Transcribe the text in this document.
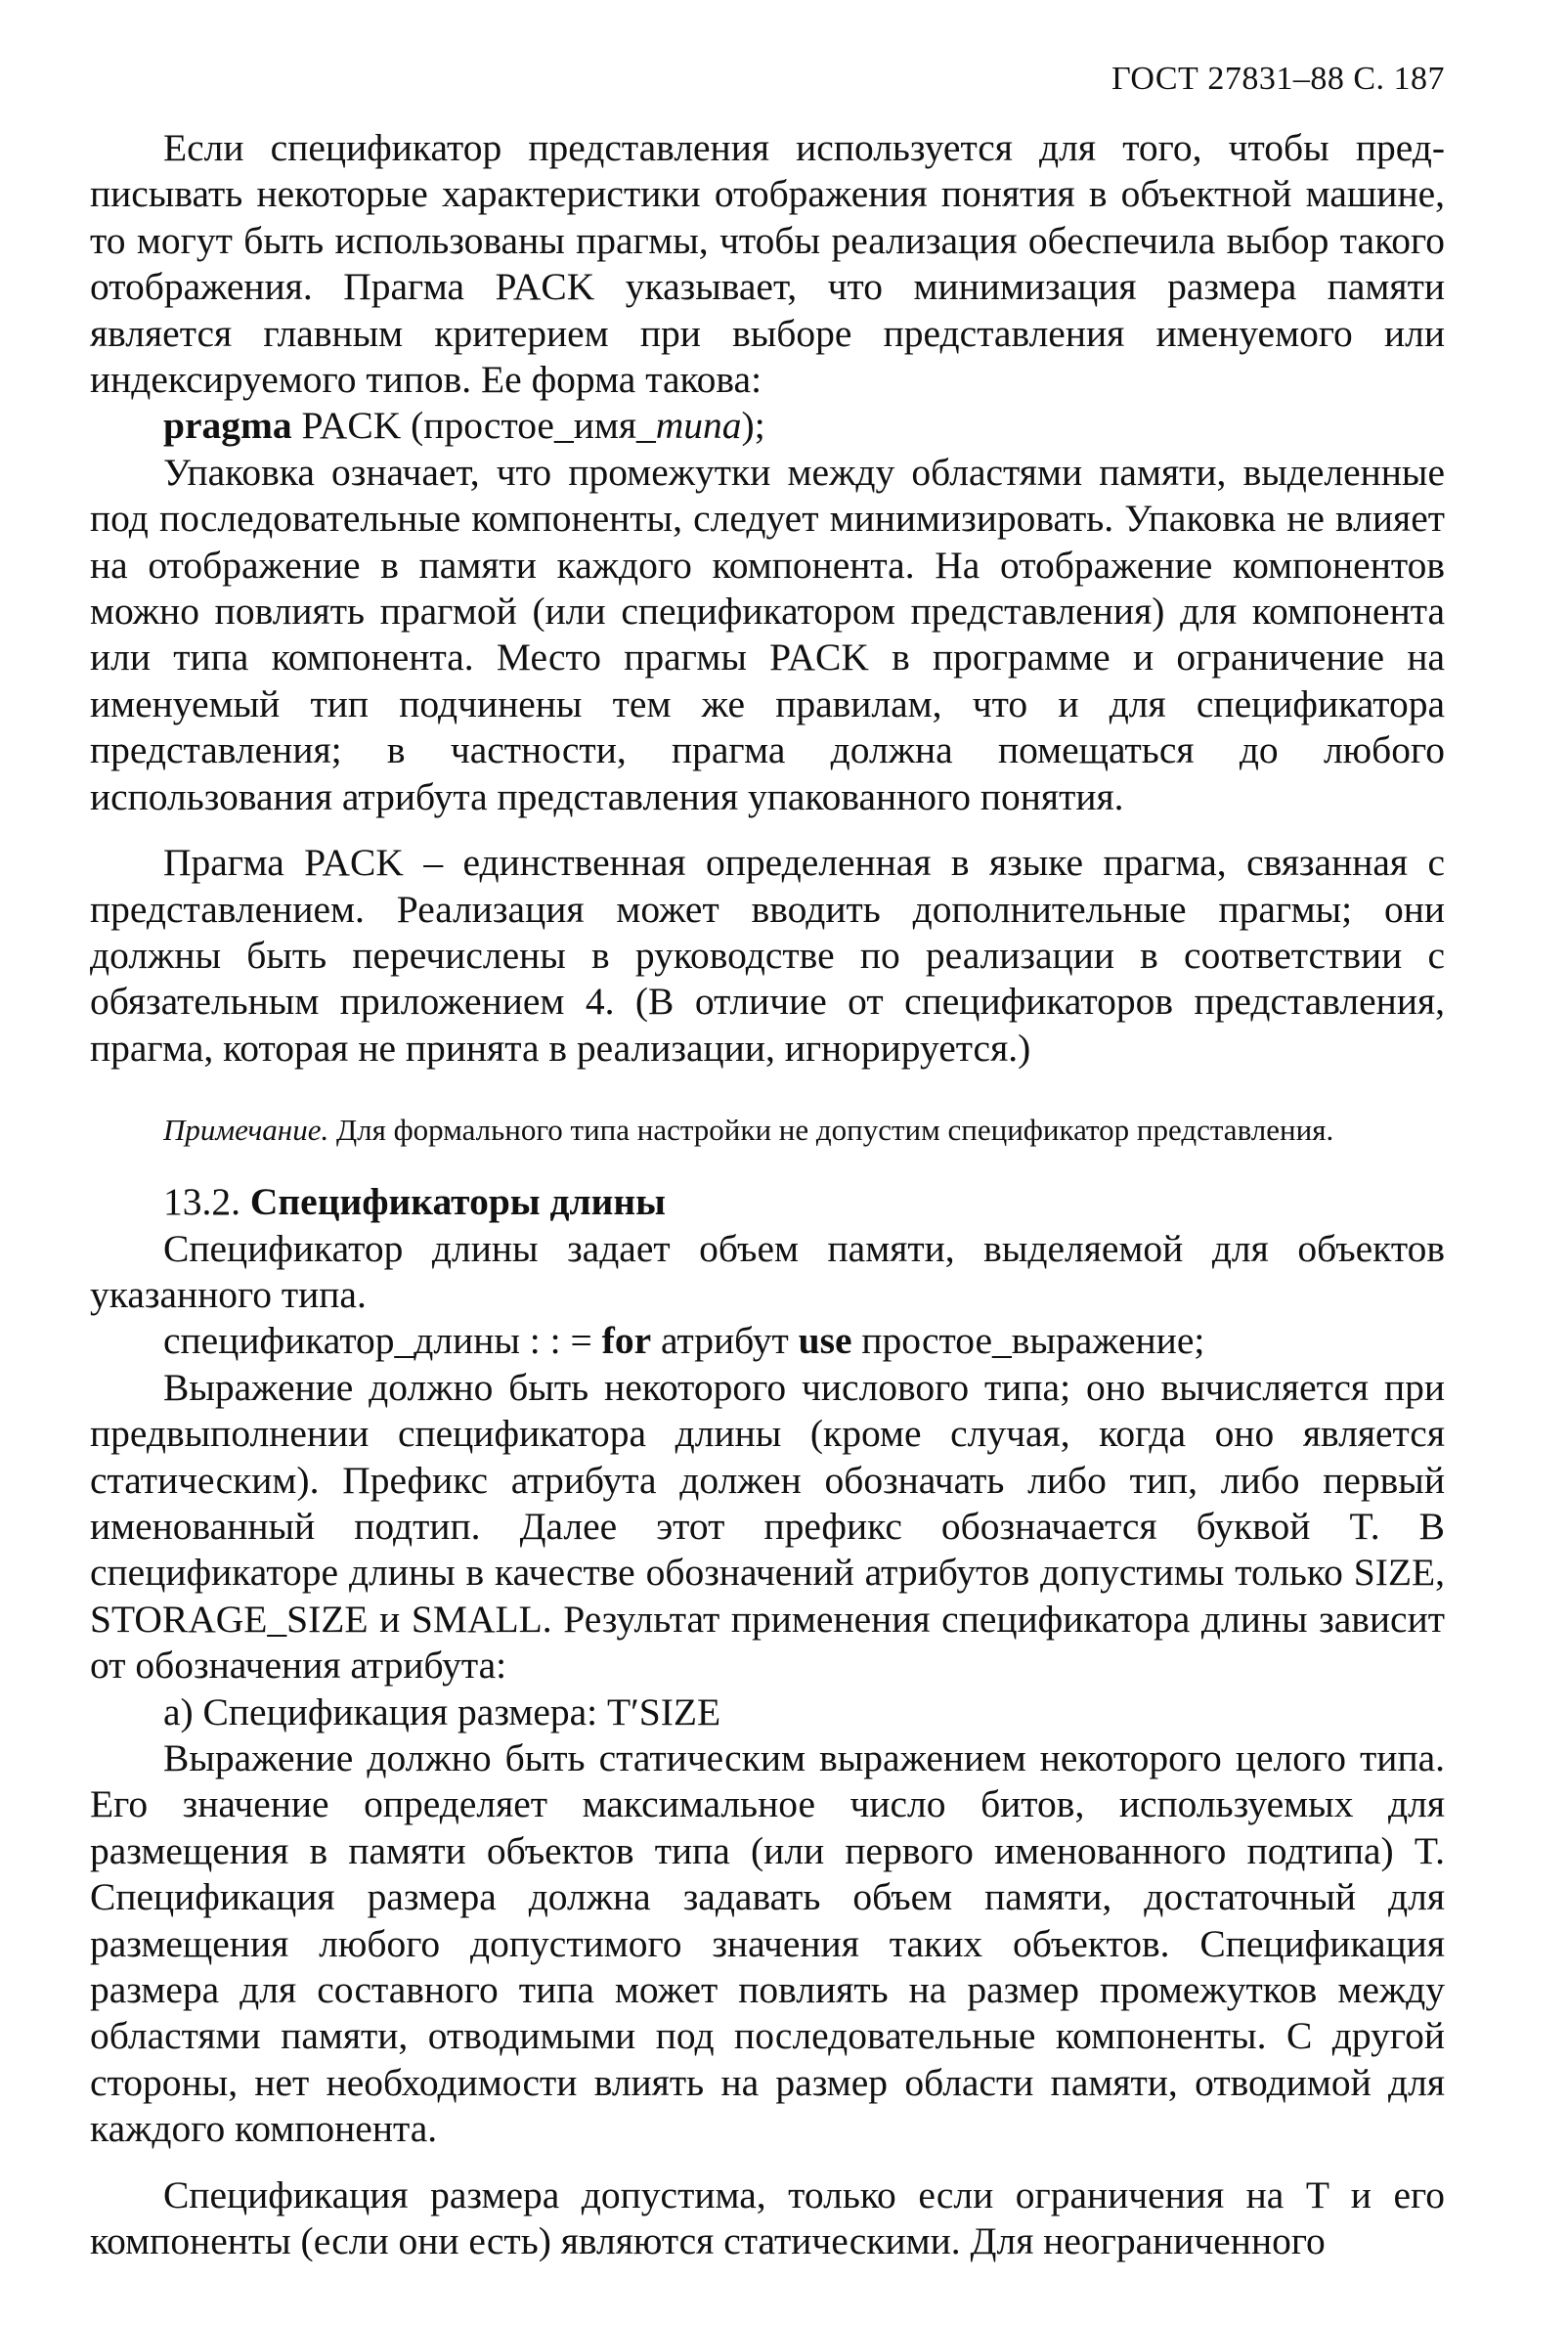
ГОСТ 27831–88 С. 187

Если спецификатор представления используется для того, чтобы предписывать некоторые характеристики отображения понятия в объектной машине, то могут быть использованы прагмы, чтобы реализация обеспечила выбор такого отображения. Прагма PACK указывает, что минимизация размера памяти является главным критерием при выборе представления именуемого или индексируемого типов. Ее форма такова:

pragma PACK (простое_имя_типа);

Упаковка означает, что промежутки между областями памяти, выделенные под последовательные компоненты, следует минимизировать. Упаковка не влияет на отображение в памяти каждого компонента. На отображение компонентов можно повлиять прагмой (или спецификатором представления) для компонента или типа компонента. Место прагмы PACK в программе и ограничение на именуемый тип подчинены тем же правилам, что и для спецификатора представления; в частности, прагма должна помещаться до любого использования атрибута представления упакованного понятия.

Прагма PACK – единственная определенная в языке прагма, связанная с представлением. Реализация может вводить дополнительные прагмы; они должны быть перечислены в руководстве по реализации в соответствии с обязательным приложением 4. (В отличие от спецификаторов представления, прагма, которая не принята в реализации, игнорируется.)

Примечание. Для формального типа настройки не допустим спецификатор представления.

13.2. Спецификаторы длины

Спецификатор длины задает объем памяти, выделяемой для объектов указанного типа.

спецификатор_длины : : = for атрибут use простое_выражение;

Выражение должно быть некоторого числового типа; оно вычисляется при предвыполнении спецификатора длины (кроме случая, когда оно является статическим). Префикс атрибута должен обозначать либо тип, либо первый именованный подтип. Далее этот префикс обозначается буквой T. В спецификаторе длины в качестве обозначений атрибутов допустимы только SIZE, STORAGE_SIZE и SMALL. Результат применения спецификатора длины зависит от обозначения атрибута:

а) Спецификация размера: T′SIZE

Выражение должно быть статическим выражением некоторого целого типа. Его значение определяет максимальное число битов, используемых для размещения в памяти объектов типа (или первого именованного подтипа) T. Спецификация размера должна задавать объем памяти, достаточный для размещения любого допустимого значения таких объектов. Спецификация размера для составного типа может повлиять на размер промежутков между областями памяти, отводимыми под последовательные компоненты. С другой стороны, нет необходимости влиять на размер области памяти, отводимой для каждого компонента.

Спецификация размера допустима, только если ограничения на T и его компоненты (если они есть) являются статическими. Для неограниченного
